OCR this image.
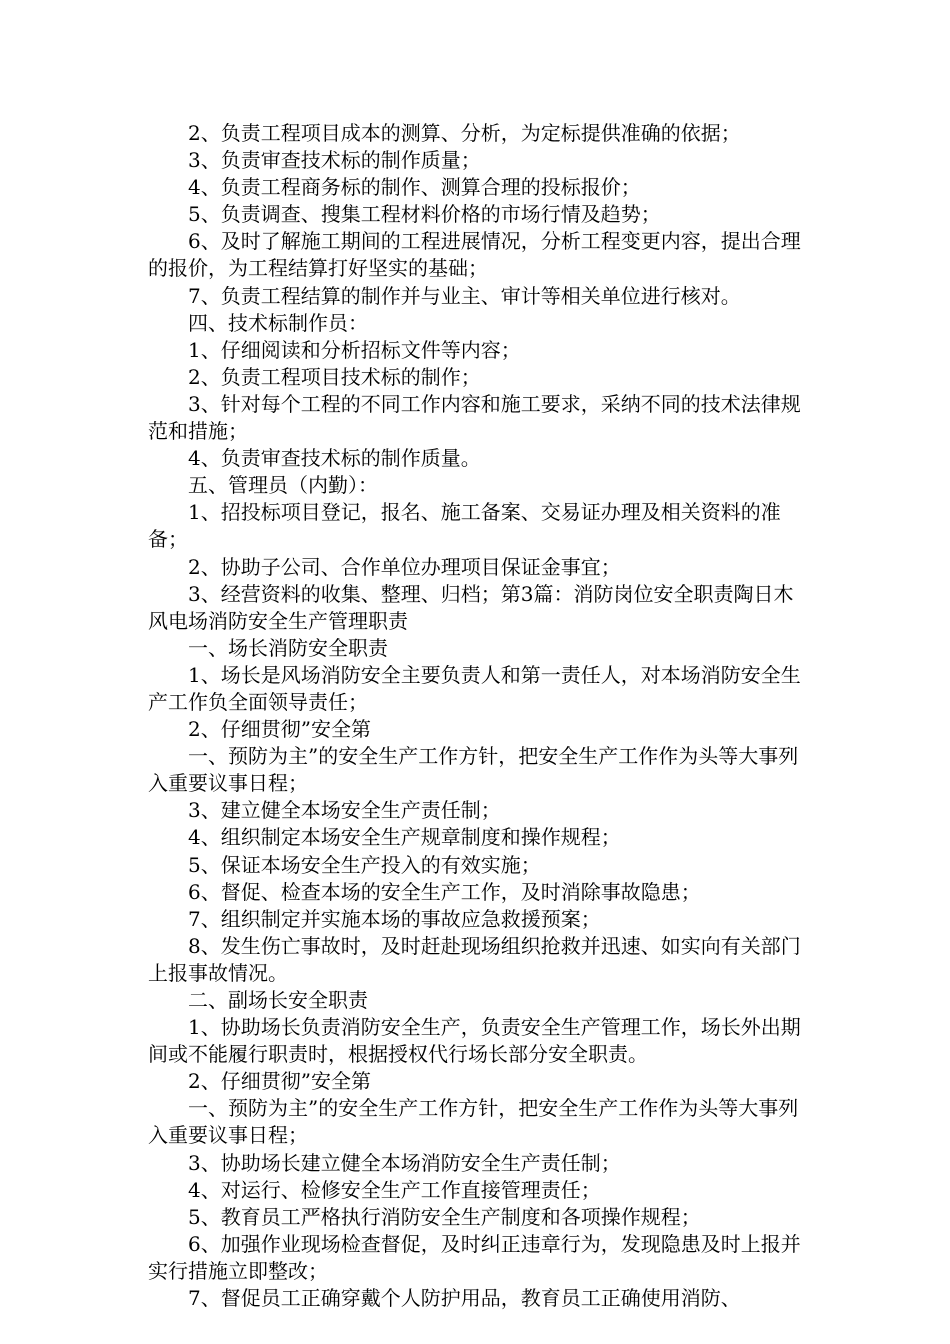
2、负责工程项目成本的测算、分析，为定标提供准确的依据；

3、负责审查技术标的制作质量；

4、负责工程商务标的制作、测算合理的投标报价；

5、负责调查、搜集工程材料价格的市场行情及趋势；

6、及时了解施工期间的工程进展情况，分析工程变更内容，提出合理的报价，为工程结算打好坚实的基础；

7、负责工程结算的制作并与业主、审计等相关单位进行核对。

四、技术标制作员：

1、仔细阅读和分析招标文件等内容；

2、负责工程项目技术标的制作；

3、针对每个工程的不同工作内容和施工要求，采纳不同的技术法律规范和措施；

4、负责审查技术标的制作质量。

五、管理员（内勤）：

1、招投标项目登记，报名、施工备案、交易证办理及相关资料的准备；

2、协助子公司、合作单位办理项目保证金事宜；

3、经营资料的收集、整理、归档；第3篇：消防岗位安全职责陶日木风电场消防安全生产管理职责

一、场长消防安全职责

1、场长是风场消防安全主要负责人和第一责任人，对本场消防安全生产工作负全面领导责任；

2、仔细贯彻”安全第

一、预防为主”的安全生产工作方针，把安全生产工作作为头等大事列入重要议事日程；

3、建立健全本场安全生产责任制；

4、组织制定本场安全生产规章制度和操作规程；

5、保证本场安全生产投入的有效实施；

6、督促、检查本场的安全生产工作，及时消除事故隐患；

7、组织制定并实施本场的事故应急救援预案；

8、发生伤亡事故时，及时赶赴现场组织抢救并迅速、如实向有关部门上报事故情况。

二、副场长安全职责

1、协助场长负责消防安全生产，负责安全生产管理工作，场长外出期间或不能履行职责时，根据授权代行场长部分安全职责。

2、仔细贯彻”安全第

一、预防为主”的安全生产工作方针，把安全生产工作作为头等大事列入重要议事日程；

3、协助场长建立健全本场消防安全生产责任制；

4、对运行、检修安全生产工作直接管理责任；

5、教育员工严格执行消防安全生产制度和各项操作规程；

6、加强作业现场检查督促，及时纠正违章行为，发现隐患及时上报并实行措施立即整改；

7、督促员工正确穿戴个人防护用品，教育员工正确使用消防、
